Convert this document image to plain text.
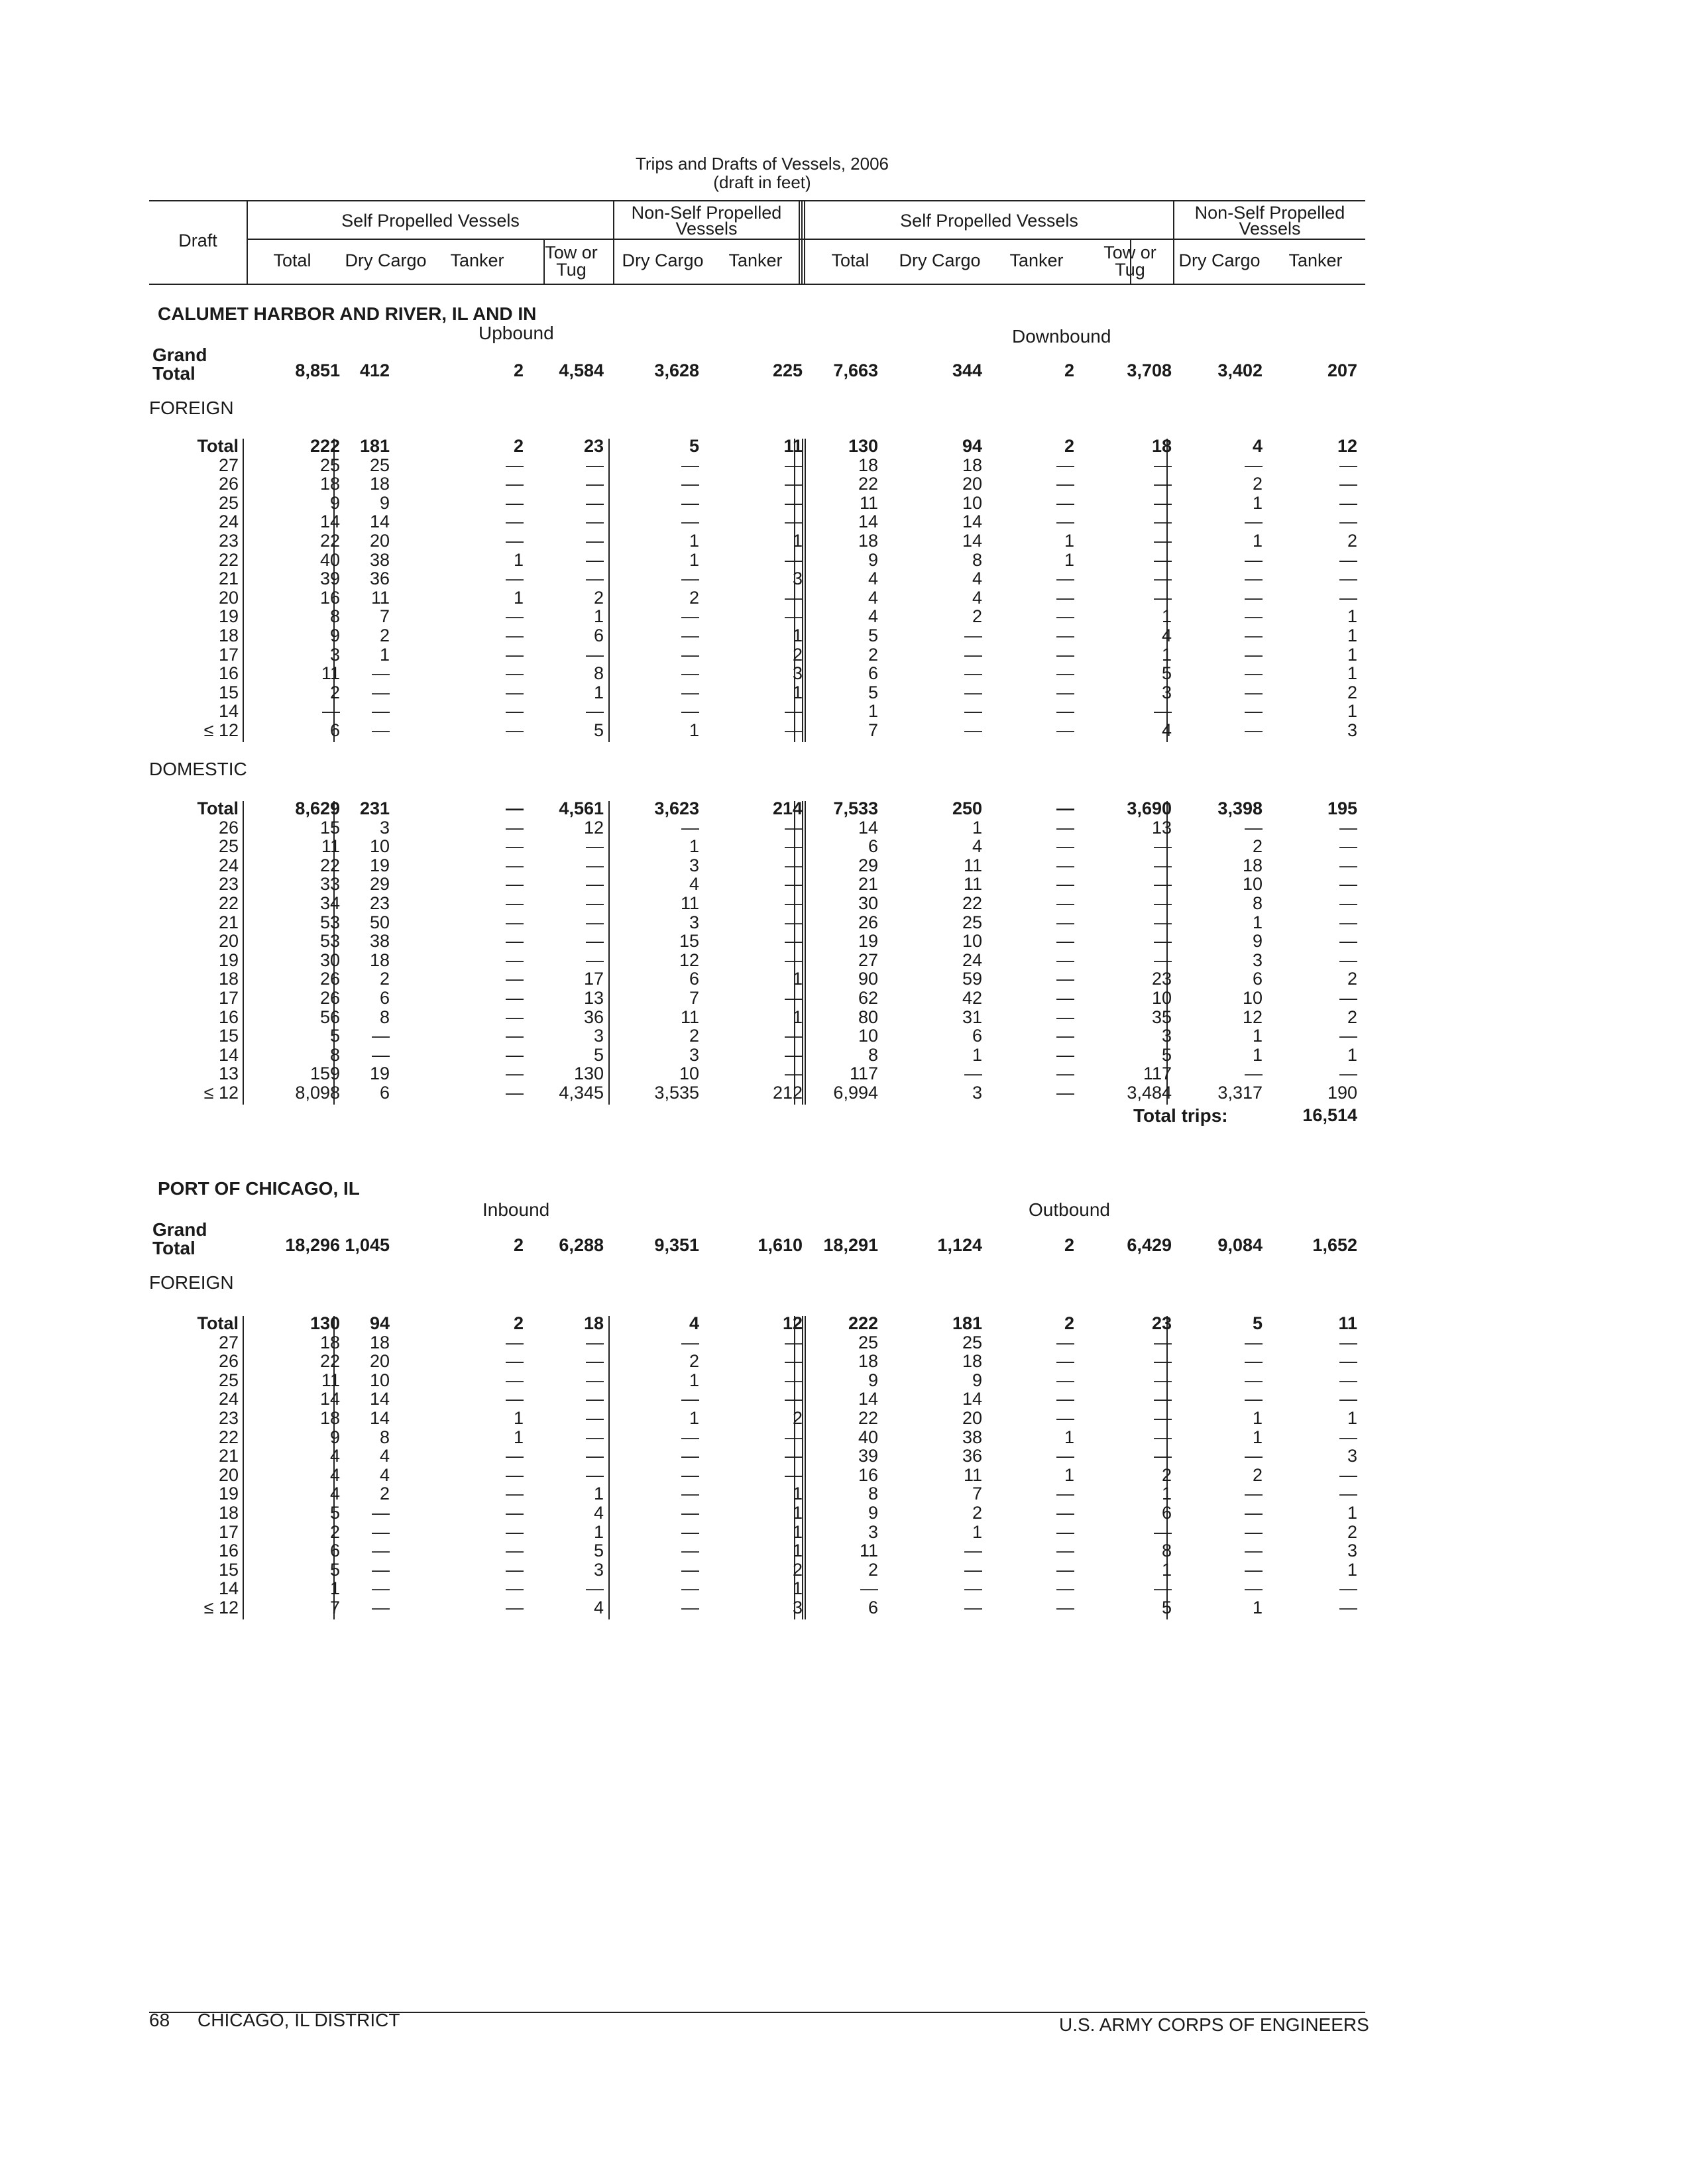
Trips and Drafts of Vessels, 2006
(draft in feet)
Draft
Self Propelled Vessels	Non-Self Propelled
Vessels	Self Propelled Vessels	Non-Self Propelled
Vessels
Total	Dry Cargo	Tanker	Tow or
Tug	Dry Cargo	Tanker	Total	Dry Cargo	Tanker	Tow or
Tug	Dry Cargo	Tanker
CALUMET HARBOR AND RIVER, IL AND IN
Upbound	Downbound
Grand
Total	8,851	412	2	4,584	3,628	225	7,663	344	2	3,708	3,402	207
FOREIGN
Total	222	181	2	23	5	11	130	94	2	18	4	12
27	25	25	—	—	—	—	18	18	—	—	—	—
26	18	18	—	—	—	—	22	20	—	—	2	—
25	9	9	—	—	—	—	11	10	—	—	1	—
24	14	14	—	—	—	—	14	14	—	—	—	—
23	22	20	—	—	1	1	18	14	1	—	1	2
22	40	38	1	—	1	—	9	8	1	—	—	—
21	39	36	—	—	—	3	4	4	—	—	—	—
20	16	11	1	2	2	—	4	4	—	—	—	—
19	8	7	—	1	—	—	4	2	—	1	—	1
18	9	2	—	6	—	1	5	—	—	4	—	1
17	3	1	—	—	—	2	2	—	—	1	—	1
16	11	—	—	8	—	3	6	—	—	5	—	1
15	2	—	—	1	—	1	5	—	—	3	—	2
14	—	—	—	—	—	—	1	—	—	—	—	1
≤ 12	6	—	—	5	1	—	7	—	—	4	—	3
DOMESTIC
Total	8,629	231	—	4,561	3,623	214	7,533	250	—	3,690	3,398	195
26	15	3	—	12	—	—	14	1	—	13	—	—
25	11	10	—	—	1	—	6	4	—	—	2	—
24	22	19	—	—	3	—	29	11	—	—	18	—
23	33	29	—	—	4	—	21	11	—	—	10	—
22	34	23	—	—	11	—	30	22	—	—	8	—
21	53	50	—	—	3	—	26	25	—	—	1	—
20	53	38	—	—	15	—	19	10	—	—	9	—
19	30	18	—	—	12	—	27	24	—	—	3	—
18	26	2	—	17	6	1	90	59	—	23	6	2
17	26	6	—	13	7	—	62	42	—	10	10	—
16	56	8	—	36	11	1	80	31	—	35	12	2
15	5	—	—	3	2	—	10	6	—	3	1	—
14	8	—	—	5	3	—	8	1	—	5	1	1
13	159	19	—	130	10	—	117	—	—	117	—	—
≤ 12	8,098	6	—	4,345	3,535	212	6,994	3	—	3,484	3,317	190
Total trips:	16,514
PORT OF CHICAGO, IL
Inbound	Outbound
Grand
Total	18,296 1,045	2	6,288	9,351	1,610	18,291	1,124	2	6,429	9,084	1,652
FOREIGN
Total	130	94	2	18	4	12	222	181	2	23	5	11
27	18	18	—	—	—	—	25	25	—	—	—	—
26	22	20	—	—	2	—	18	18	—	—	—	—
25	11	10	—	—	1	—	9	9	—	—	—	—
24	14	14	—	—	—	—	14	14	—	—	—	—
23	18	14	1	—	1	2	22	20	—	—	1	1
22	9	8	1	—	—	—	40	38	1	—	1	—
21	4	4	—	—	—	—	39	36	—	—	—	3
20	4	4	—	—	—	—	16	11	1	2	2	—
19	4	2	—	1	—	1	8	7	—	1	—	—
18	5	—	—	4	—	1	9	2	—	6	—	1
17	2	—	—	1	—	1	3	1	—	—	—	2
16	6	—	—	5	—	1	11	—	—	8	—	3
15	5	—	—	3	—	2	2	—	—	1	—	1
14	1	—	—	—	—	1	—	—	—	—	—	—
≤ 12	7	—	—	4	—	3	6	—	—	5	1	—
68 CHICAGO, IL DISTRICT	U.S. ARMY CORPS OF ENGINEERS
